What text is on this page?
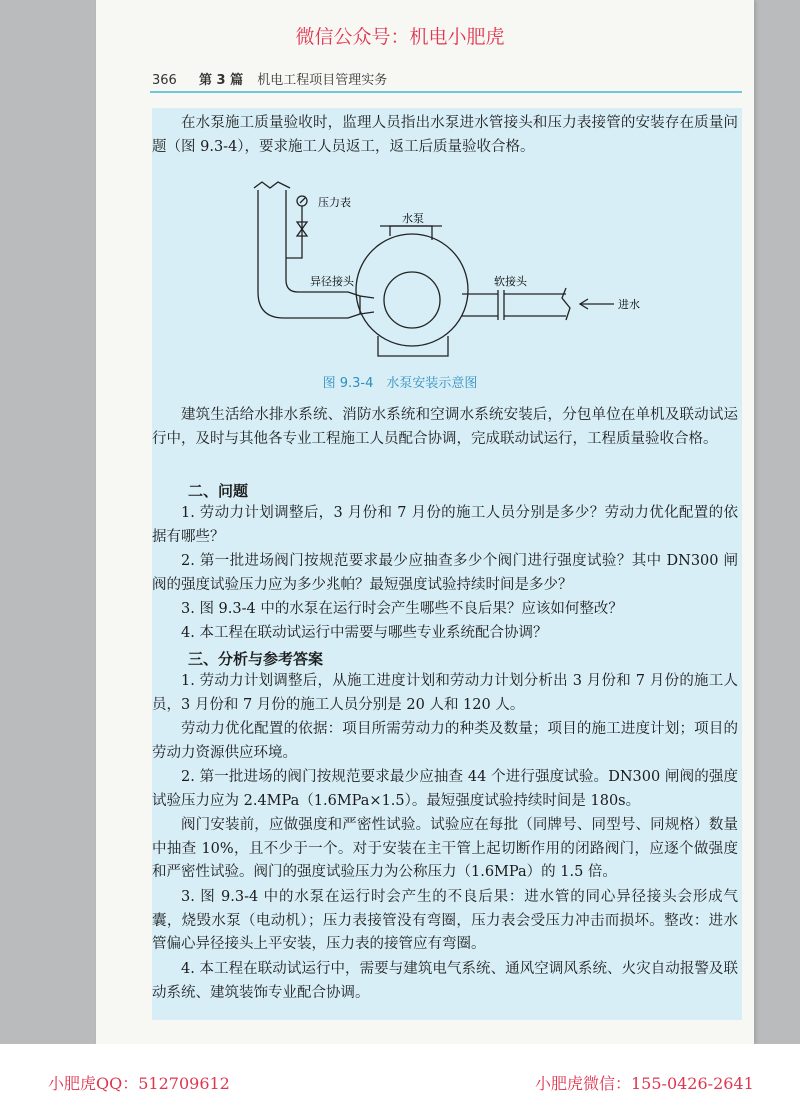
微信公众号：机电小肥虎
366 第 3 篇 机电工程项目管理实务
在水泵施工质量验收时，监理人员指出水泵进水管接头和压力表接管的安装存在质量问题（图 9.3-4），要求施工人员返工，返工后质量验收合格。
压力表
水泵
异径接头	软接头
进水
图 9.3-4　水泵安装示意图
建筑生活给水排水系统、消防水系统和空调水系统安装后，分包单位在单机及联动试运行中，及时与其他各专业工程施工人员配合协调，完成联动试运行，工程质量验收合格。
二、问题
1. 劳动力计划调整后，3 月份和 7 月份的施工人员分别是多少？劳动力优化配置的依据有哪些？
2. 第一批进场阀门按规范要求最少应抽查多少个阀门进行强度试验？其中 DN300 闸阀的强度试验压力应为多少兆帕？最短强度试验持续时间是多少？
3. 图 9.3-4 中的水泵在运行时会产生哪些不良后果？应该如何整改？
4. 本工程在联动试运行中需要与哪些专业系统配合协调？
三、分析与参考答案
1. 劳动力计划调整后，从施工进度计划和劳动力计划分析出 3 月份和 7 月份的施工人员，3 月份和 7 月份的施工人员分别是 20 人和 120 人。
劳动力优化配置的依据：项目所需劳动力的种类及数量；项目的施工进度计划；项目的劳动力资源供应环境。
2. 第一批进场的阀门按规范要求最少应抽查 44 个进行强度试验。DN300 闸阀的强度试验压力应为 2.4MPa（1.6MPa×1.5）。最短强度试验持续时间是 180s。
阀门安装前，应做强度和严密性试验。试验应在每批（同牌号、同型号、同规格）数量中抽查 10%，且不少于一个。对于安装在主干管上起切断作用的闭路阀门，应逐个做强度和严密性试验。阀门的强度试验压力为公称压力（1.6MPa）的 1.5 倍。
3. 图 9.3-4 中的水泵在运行时会产生的不良后果：进水管的同心异径接头会形成气囊，烧毁水泵（电动机）；压力表接管没有弯圈，压力表会受压力冲击而损坏。整改：进水管偏心异径接头上平安装，压力表的接管应有弯圈。
4. 本工程在联动试运行中，需要与建筑电气系统、通风空调风系统、火灾自动报警及联动系统、建筑装饰专业配合协调。
小肥虎QQ：512709612	小肥虎微信：155-0426-2641
